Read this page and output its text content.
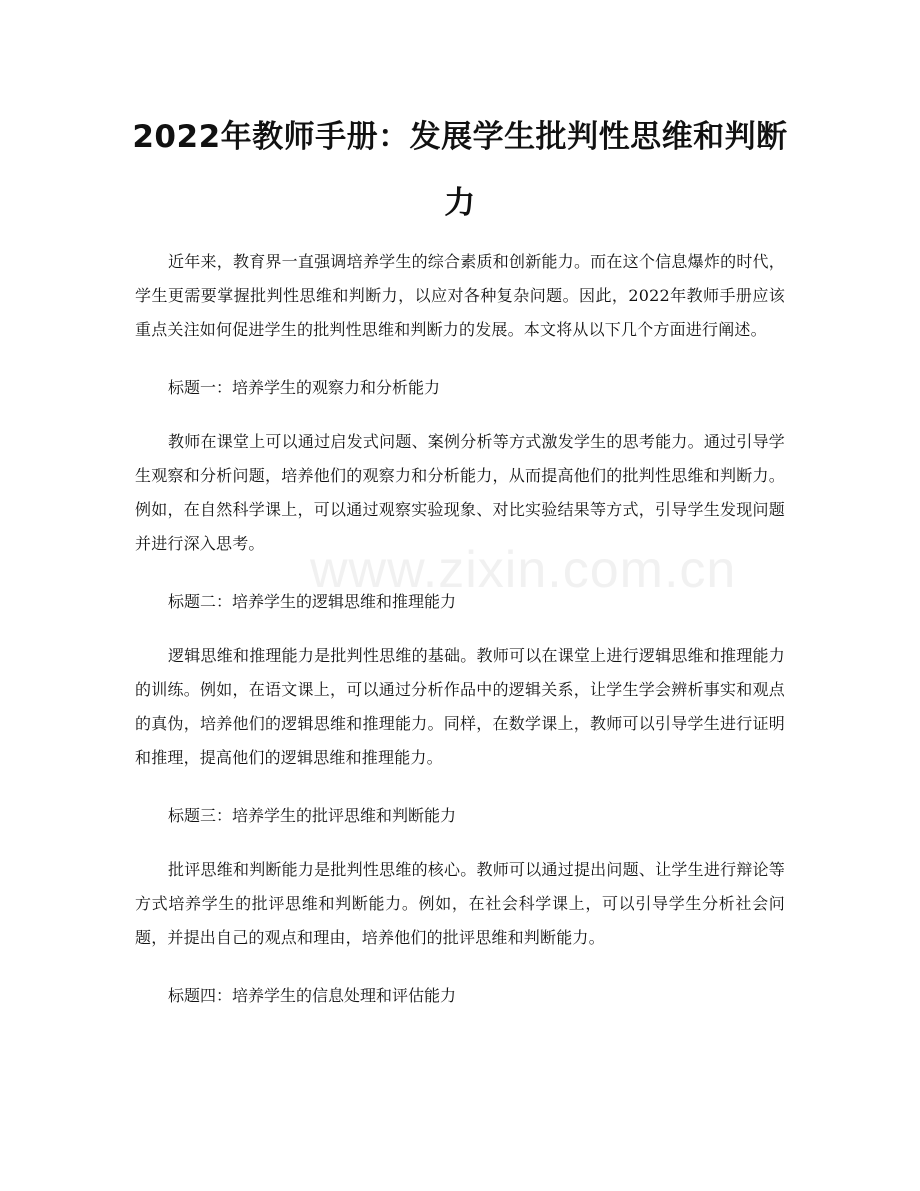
2022年教师手册：发展学生批判性思维和判断力

近年来，教育界一直强调培养学生的综合素质和创新能力。而在这个信息爆炸的时代，学生更需要掌握批判性思维和判断力，以应对各种复杂问题。因此，2022年教师手册应该重点关注如何促进学生的批判性思维和判断力的发展。本文将从以下几个方面进行阐述。

标题一：培养学生的观察力和分析能力

教师在课堂上可以通过启发式问题、案例分析等方式激发学生的思考能力。通过引导学生观察和分析问题，培养他们的观察力和分析能力，从而提高他们的批判性思维和判断力。例如，在自然科学课上，可以通过观察实验现象、对比实验结果等方式，引导学生发现问题并进行深入思考。

标题二：培养学生的逻辑思维和推理能力

逻辑思维和推理能力是批判性思维的基础。教师可以在课堂上进行逻辑思维和推理能力的训练。例如，在语文课上，可以通过分析作品中的逻辑关系，让学生学会辨析事实和观点的真伪，培养他们的逻辑思维和推理能力。同样，在数学课上，教师可以引导学生进行证明和推理，提高他们的逻辑思维和推理能力。

标题三：培养学生的批评思维和判断能力

批评思维和判断能力是批判性思维的核心。教师可以通过提出问题、让学生进行辩论等方式培养学生的批评思维和判断能力。例如，在社会科学课上，可以引导学生分析社会问题，并提出自己的观点和理由，培养他们的批评思维和判断能力。

标题四：培养学生的信息处理和评估能力

www.zixin.com.cn
